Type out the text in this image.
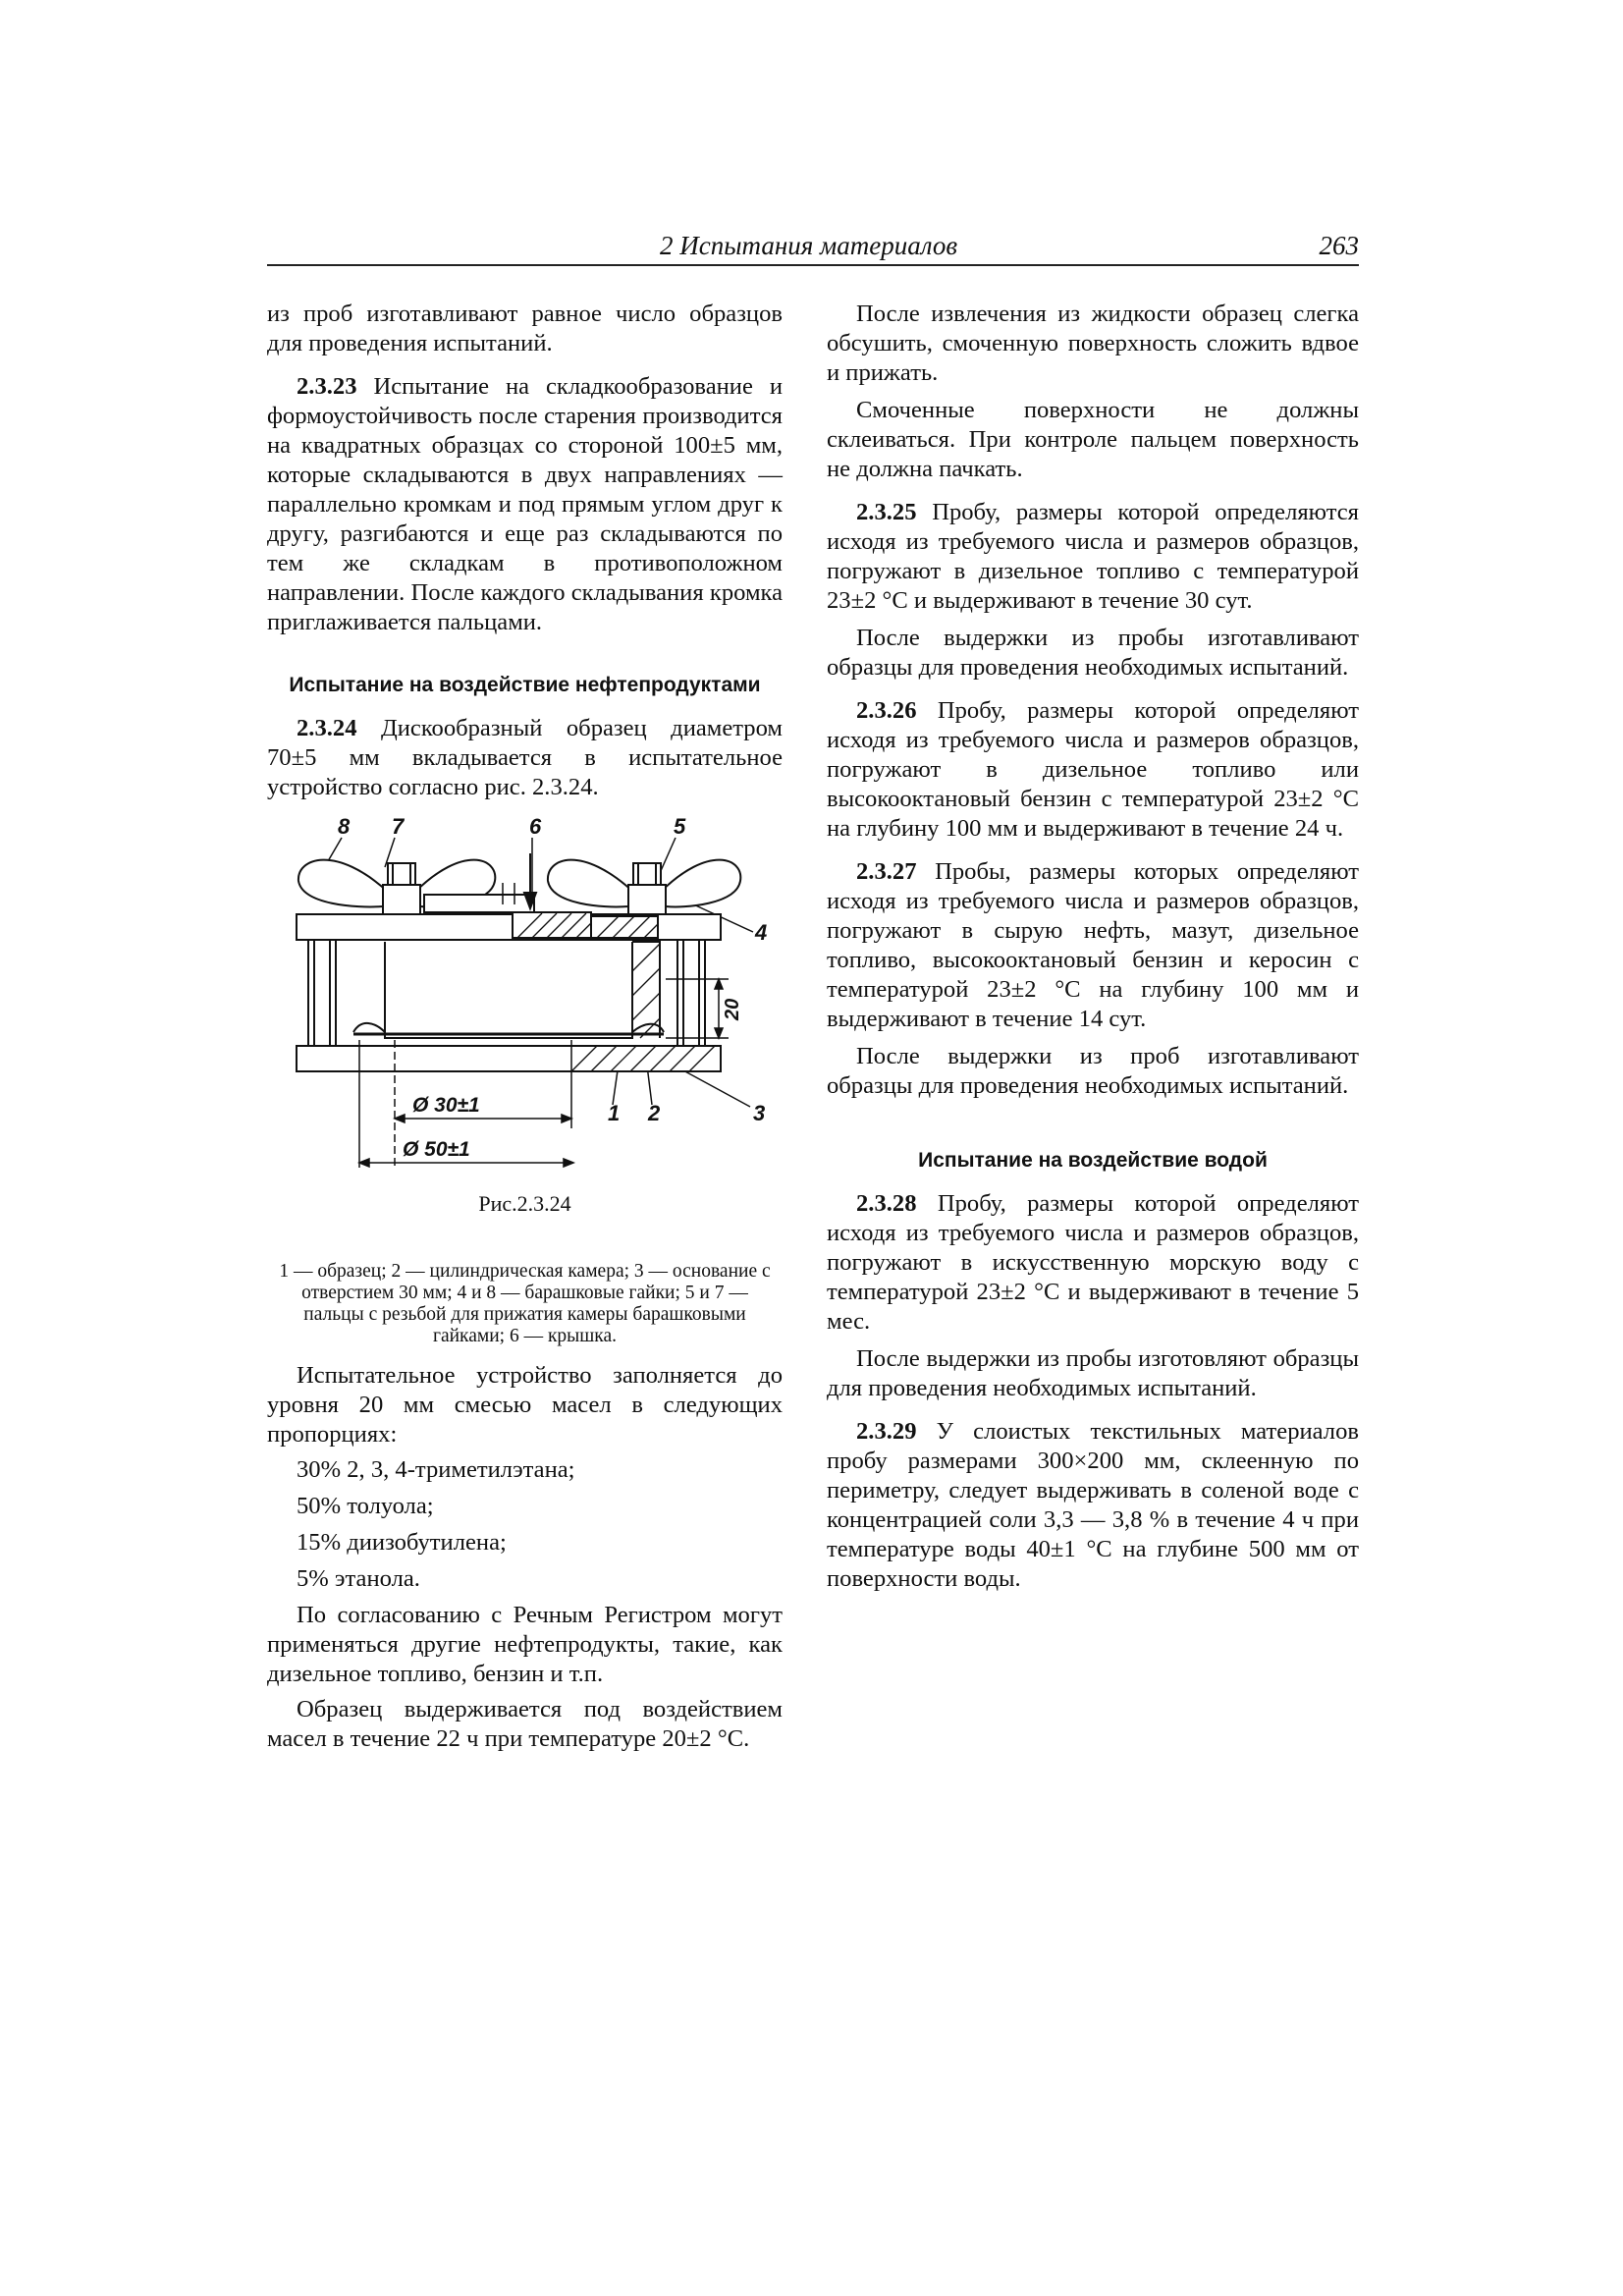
2 Испытания материалов	263

из проб изготавливают равное число образцов для проведения испытаний.

2.3.23 Испытание на складкообразование и формоустойчивость после старения производится на квадратных образцах со стороной 100±5 мм, которые складываются в двух направлениях — параллельно кромкам и под прямым углом друг к другу, разгибаются и еще раз складываются по тем же складкам в противоположном направлении. После каждого складывания кромка приглаживается пальцами.

Испытание на воздействие нефтепродуктами

2.3.24 Дискообразный образец диаметром 70±5 мм вкладывается в испытательное устройство согласно рис. 2.3.24.

8 7	6	5
4
1 2	3
20
Ø 30±1
Ø 50±1

Рис.2.3.24

1 — образец; 2 — цилиндрическая камера; 3 — основание с отверстием 30 мм; 4 и 8 — барашковые гайки; 5 и 7 — пальцы с резьбой для прижатия камеры барашковыми гайками; 6 — крышка.

Испытательное устройство заполняется до уровня 20 мм смесью масел в следующих пропорциях:

30% 2, 3, 4-триметилэтана;

50% толуола;

15% диизобутилена;

5% этанола.

По согласованию с Речным Регистром могут применяться другие нефтепродукты, такие, как дизельное топливо, бензин и т.п.

Образец выдерживается под воздействием масел в течение 22 ч при температуре 20±2 °С.

После извлечения из жидкости образец слегка обсушить, смоченную поверхность сложить вдвое и прижать.

Смоченные поверхности не должны склеиваться. При контроле пальцем поверхность не должна пачкать.

2.3.25 Пробу, размеры которой определяются исходя из требуемого числа и размеров образцов, погружают в дизельное топливо с температурой 23±2 °С и выдерживают в течение 30 сут.

После выдержки из пробы изготавливают образцы для проведения необходимых испытаний.

2.3.26 Пробу, размеры которой определяют исходя из требуемого числа и размеров образцов, погружают в дизельное топливо или высокооктановый бензин с температурой 23±2 °С на глубину 100 мм и выдерживают в течение 24 ч.

2.3.27 Пробы, размеры которых определяют исходя из требуемого числа и размеров образцов, погружают в сырую нефть, мазут, дизельное топливо, высокооктановый бензин и керосин с температурой 23±2 °С на глубину 100 мм и выдерживают в течение 14 сут.

После выдержки из проб изготавливают образцы для проведения необходимых испытаний.

Испытание на воздействие водой

2.3.28 Пробу, размеры которой определяют исходя из требуемого числа и размеров образцов, погружают в искусственную морскую воду с температурой 23±2 °С и выдерживают в течение 5 мес.

После выдержки из пробы изготовляют образцы для проведения необходимых испытаний.

2.3.29 У слоистых текстильных материалов пробу размерами 300×200 мм, склеенную по периметру, следует выдерживать в соленой воде с концентрацией соли 3,3 — 3,8 % в течение 4 ч при температуре воды 40±1 °С на глубине 500 мм от поверхности воды.
